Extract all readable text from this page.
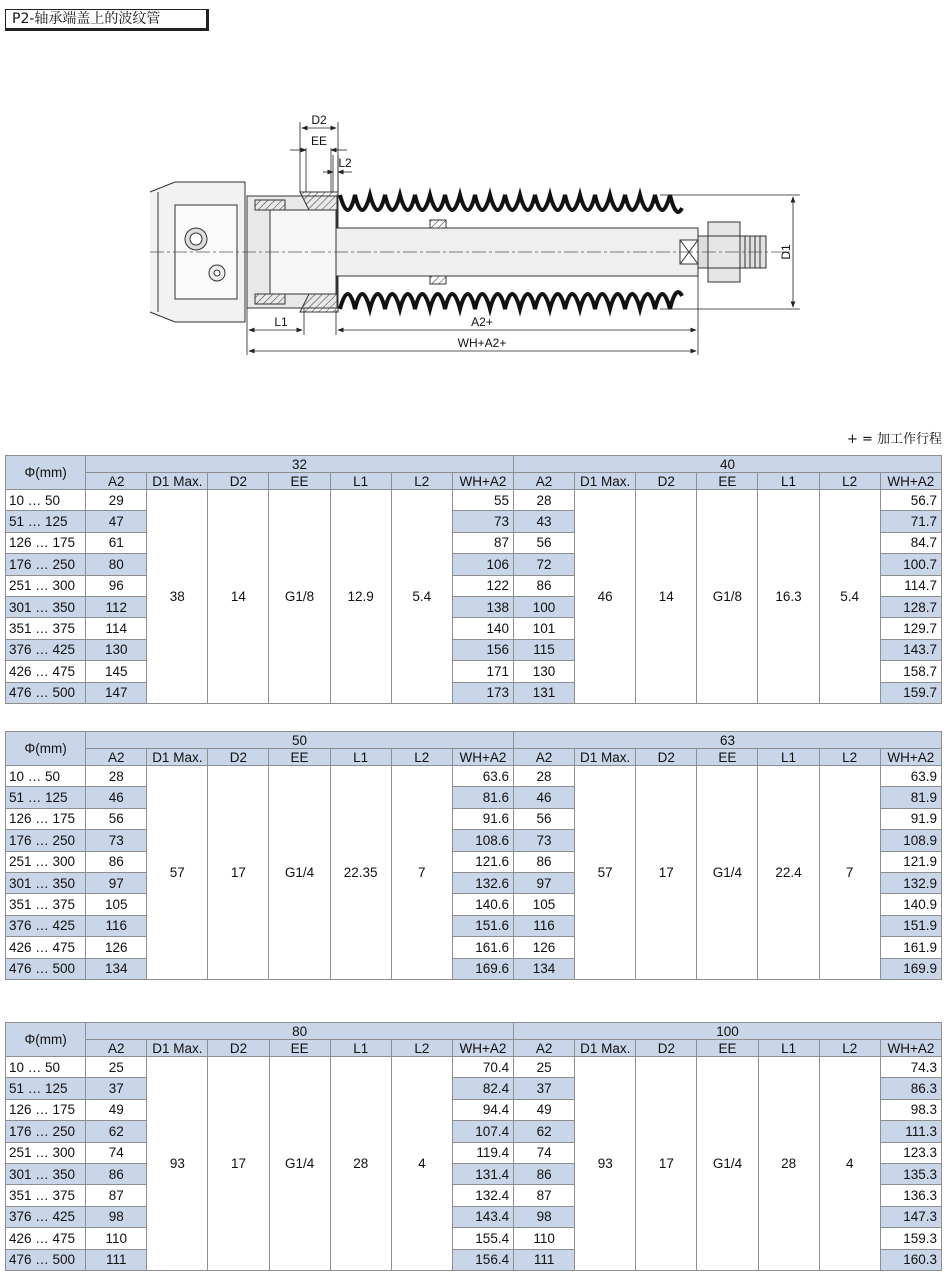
P2-轴承端盖上的波纹管
D2
EE
L2
D1
L1	A2+
WH+A2+
+ = 加工作行程
Φ(mm)	32							40						
	A2	D1 Max.	D2	EE	L1	L2	WH+A2	A2	D1 Max.	D2	EE	L1	L2	WH+A2
10 … 50	29	38	14	G1/8	12.9	5.4	55	28	46	14	G1/8	16.3	5.4	56.7
51 … 125	47						73	43						71.7
126 … 175	61						87	56						84.7
176 … 250	80						106	72						100.7
251 … 300	96						122	86						114.7
301 … 350	112						138	100						128.7
351 … 375	114						140	101						129.7
376 … 425	130						156	115						143.7
426 … 475	145						171	130						158.7
476 … 500	147						173	131						159.7
Φ(mm)	50							63						
	A2	D1 Max.	D2	EE	L1	L2	WH+A2	A2	D1 Max.	D2	EE	L1	L2	WH+A2
10 … 50	28	57	17	G1/4	22.35	7	63.6	28	57	17	G1/4	22.4	7	63.9
51 … 125	46						81.6	46						81.9
126 … 175	56						91.6	56						91.9
176 … 250	73						108.6	73						108.9
251 … 300	86						121.6	86						121.9
301 … 350	97						132.6	97						132.9
351 … 375	105						140.6	105						140.9
376 … 425	116						151.6	116						151.9
426 … 475	126						161.6	126						161.9
476 … 500	134						169.6	134						169.9
Φ(mm)	80							100						
	A2	D1 Max.	D2	EE	L1	L2	WH+A2	A2	D1 Max.	D2	EE	L1	L2	WH+A2
10 … 50	25	93	17	G1/4	28	4	70.4	25	93	17	G1/4	28	4	74.3
51 … 125	37						82.4	37						86.3
126 … 175	49						94.4	49						98.3
176 … 250	62						107.4	62						111.3
251 … 300	74						119.4	74						123.3
301 … 350	86						131.4	86						135.3
351 … 375	87						132.4	87						136.3
376 … 425	98						143.4	98						147.3
426 … 475	110						155.4	110						159.3
476 … 500	111						156.4	111						160.3
